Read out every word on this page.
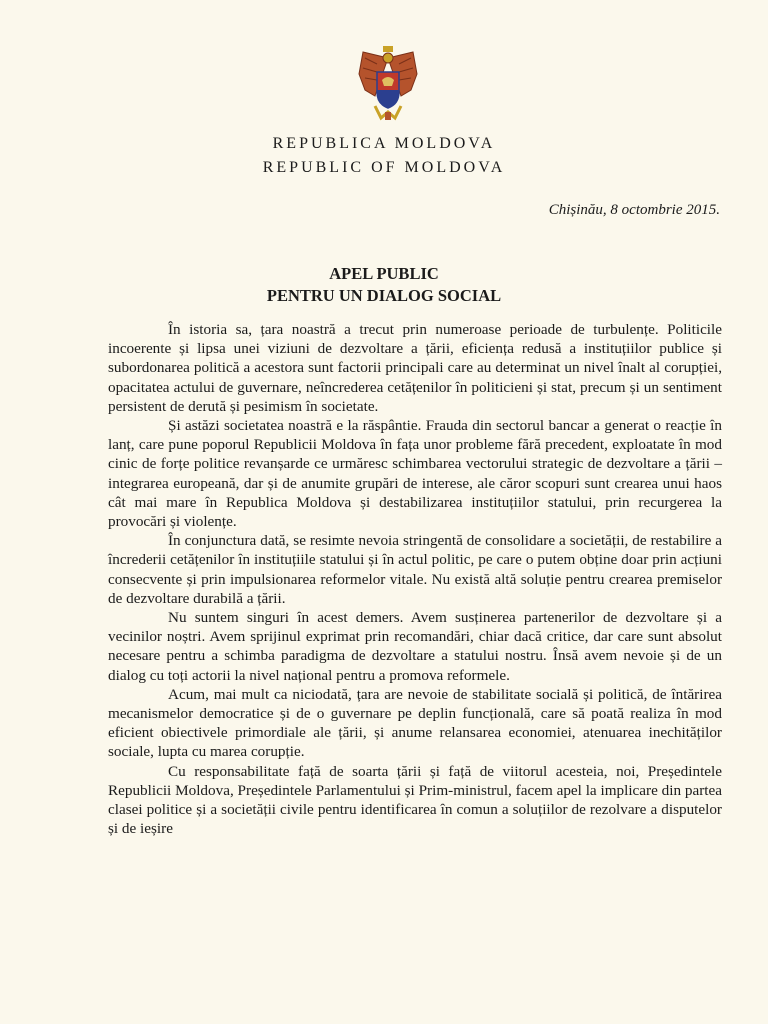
REPUBLICA MOLDOVA
REPUBLIC OF MOLDOVA
Chișinău, 8 octombrie 2015.
APEL PUBLIC
PENTRU UN DIALOG SOCIAL

În istoria sa, țara noastră a trecut prin numeroase perioade de turbulențe. Politicile incoerente și lipsa unei viziuni de dezvoltare a țării, eficiența redusă a instituțiilor publice și subordonarea politică a acestora sunt factorii principali care au determinat un nivel înalt al corupției, opacitatea actului de guvernare, neîncrederea cetățenilor în politicieni și stat, precum și un sentiment persistent de derută și pesimism în societate.

Și astăzi societatea noastră e la răspântie. Frauda din sectorul bancar a generat o reacție în lanț, care pune poporul Republicii Moldova în fața unor probleme fără precedent, exploatate în mod cinic de forțe politice revanșarde ce urmăresc schimbarea vectorului strategic de dezvoltare a țării – integrarea europeană, dar și de anumite grupări de interese, ale căror scopuri sunt crearea unui haos cât mai mare în Republica Moldova și destabilizarea instituțiilor statului, prin recurgerea la provocări și violențe.

În conjunctura dată, se resimte nevoia stringentă de consolidare a societății, de restabilire a încrederii cetățenilor în instituțiile statului și în actul politic, pe care o putem obține doar prin acțiuni consecvente și prin impulsionarea reformelor vitale. Nu există altă soluție pentru crearea premiselor de dezvoltare durabilă a țării.

Nu suntem singuri în acest demers. Avem susținerea partenerilor de dezvoltare și a vecinilor noștri. Avem sprijinul exprimat prin recomandări, chiar dacă critice, dar care sunt absolut necesare pentru a schimba paradigma de dezvoltare a statului nostru. Însă avem nevoie și de un dialog cu toți actorii la nivel național pentru a promova reformele.

Acum, mai mult ca niciodată, țara are nevoie de stabilitate socială și politică, de întărirea mecanismelor democratice și de o guvernare pe deplin funcțională, care să poată realiza în mod eficient obiectivele primordiale ale țării, și anume relansarea economiei, atenuarea inechităților sociale, lupta cu marea corupție.

Cu responsabilitate față de soarta țării și față de viitorul acesteia, noi, Președintele Republicii Moldova, Președintele Parlamentului și Prim-ministrul, facem apel la implicare din partea clasei politice și a societății civile pentru identificarea în comun a soluțiilor de rezolvare a disputelor și de ieșire
